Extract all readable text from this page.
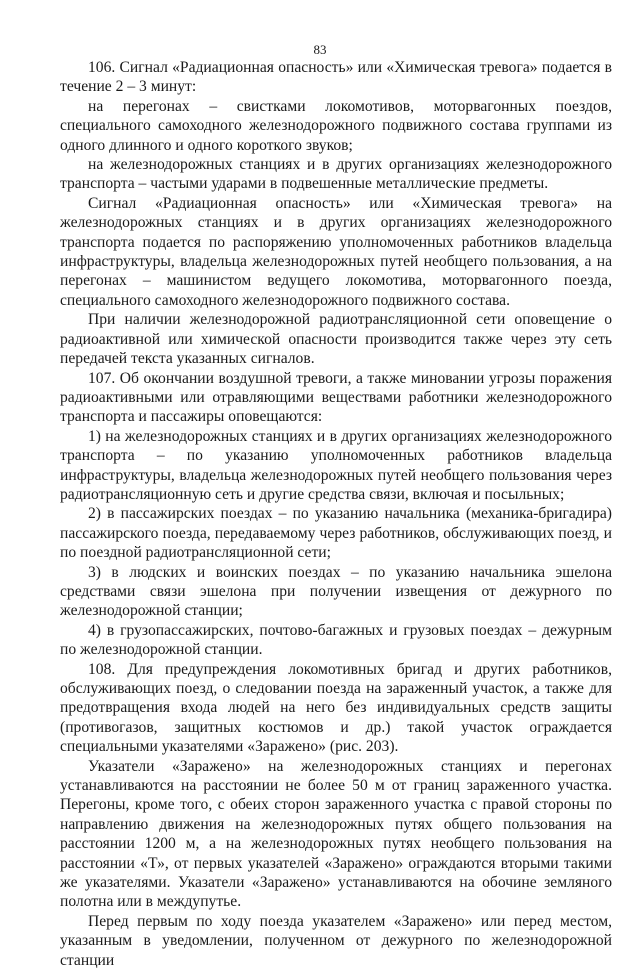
83

106. Сигнал «Радиационная опасность» или «Химическая тревога» подается в течение 2 – 3 минут:

на перегонах – свистками локомотивов, моторвагонных поездов, специального самоходного железнодорожного подвижного состава группами из одного длинного и одного короткого звуков;

на железнодорожных станциях и в других организациях железнодорожного транспорта – частыми ударами в подвешенные металлические предметы.

Сигнал «Радиационная опасность» или «Химическая тревога» на железнодорожных станциях и в других организациях железнодорожного транспорта подается по распоряжению уполномоченных работников владельца инфраструктуры, владельца железнодорожных путей необщего пользования, а на перегонах – машинистом ведущего локомотива, моторвагонного поезда, специального самоходного железнодорожного подвижного состава.

При наличии железнодорожной радиотрансляционной сети оповещение о радиоактивной или химической опасности производится также через эту сеть передачей текста указанных сигналов.

107. Об окончании воздушной тревоги, а также миновании угрозы поражения радиоактивными или отравляющими веществами работники железнодорожного транспорта и пассажиры оповещаются:

1) на железнодорожных станциях и в других организациях железнодорожного транспорта – по указанию уполномоченных работников владельца инфраструктуры, владельца железнодорожных путей необщего пользования через радиотрансляционную сеть и другие средства связи, включая и посыльных;

2) в пассажирских поездах – по указанию начальника (механика-бригадира) пассажирского поезда, передаваемому через работников, обслуживающих поезд, и по поездной радиотрансляционной сети;

3) в людских и воинских поездах – по указанию начальника эшелона средствами связи эшелона при получении извещения от дежурного по железнодорожной станции;

4) в грузопассажирских, почтово-багажных и грузовых поездах – дежурным по железнодорожной станции.

108. Для предупреждения локомотивных бригад и других работников, обслуживающих поезд, о следовании поезда на зараженный участок, а также для предотвращения входа людей на него без индивидуальных средств защиты (противогазов, защитных костюмов и др.) такой участок ограждается специальными указателями «Заражено» (рис. 203).

Указатели «Заражено» на железнодорожных станциях и перегонах устанавливаются на расстоянии не более 50 м от границ зараженного участка. Перегоны, кроме того, с обеих сторон зараженного участка с правой стороны по направлению движения на железнодорожных путях общего пользования на расстоянии 1200 м, а на железнодорожных путях необщего пользования на расстоянии «Т», от первых указателей «Заражено» ограждаются вторыми такими же указателями. Указатели «Заражено» устанавливаются на обочине земляного полотна или в междупутье.

Перед первым по ходу поезда указателем «Заражено» или перед местом, указанным в уведомлении, полученном от дежурного по железнодорожной станции
